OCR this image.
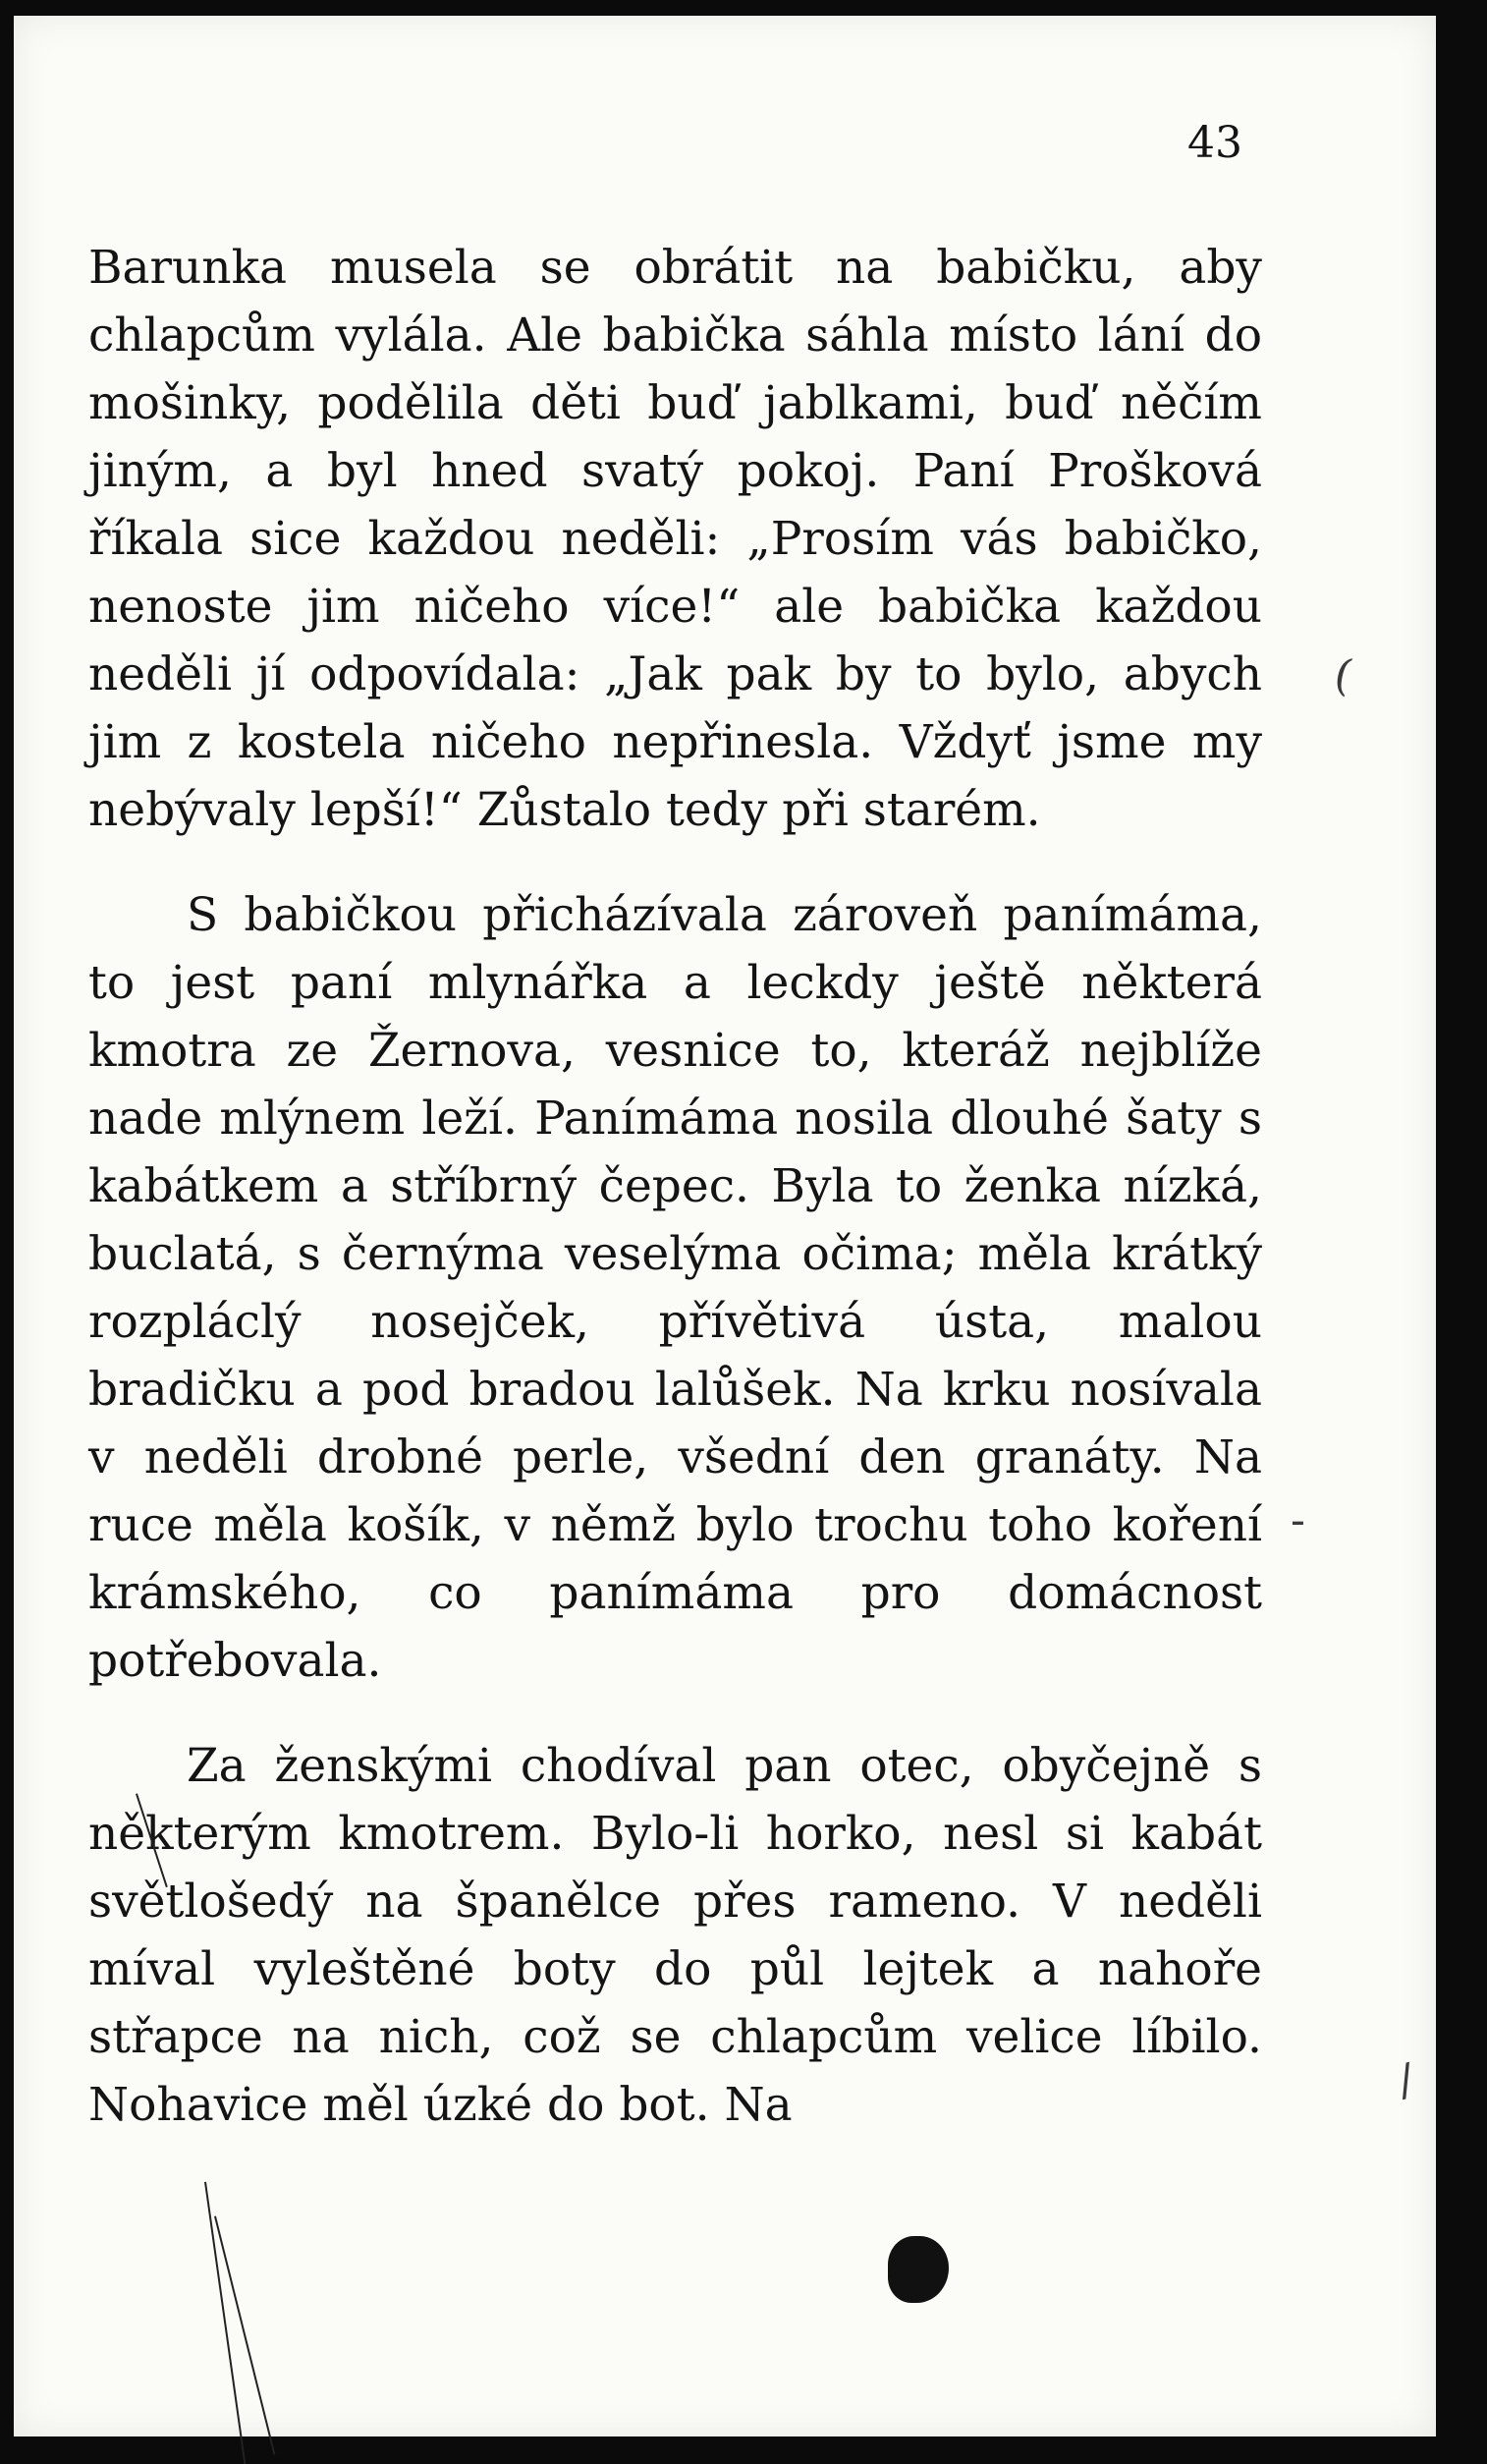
43

Barunka musela se obrátit na babičku, aby chlapcům vylála. Ale babička sáhla místo lání do mošinky, podělila děti buď jablkami, buď něčím jiným, a byl hned svatý pokoj. Paní Prošková říkala sice každou neděli: „Prosím vás babičko, nenoste jim ničeho více!“ ale babička každou neděli jí odpovídala: „Jak pak by to bylo, abych jim z kostela ničeho nepřinesla. Vždyť jsme my nebývaly lepší!“ Zůstalo tedy při starém.

S babičkou přicházívala zároveň panímáma, to jest paní mlynářka a leckdy ještě některá kmotra ze Žernova, vesnice to, kteráž nejblíže nade mlýnem leží. Panímáma nosila dlouhé šaty s kabátkem a stříbrný čepec. Byla to ženka nízká, buclatá, s černýma veselýma očima; měla krátký rozpláclý nosejček, přívětivá ústa, malou bradičku a pod bradou lalůšek. Na krku nosívala v neděli drobné perle, všední den granáty. Na ruce měla košík, v němž bylo trochu toho koření krámského, co panímáma pro domácnost potřebovala.

Za ženskými chodíval pan otec, obyčejně s některým kmotrem. Bylo-li horko, nesl si kabát světlošedý na španělce přes rameno. V neděli míval vyleštěné boty do půl lejtek a nahoře střapce na nich, což se chlapcům velice líbilo. Nohavice měl úzké do bot. Na

(
-
/
